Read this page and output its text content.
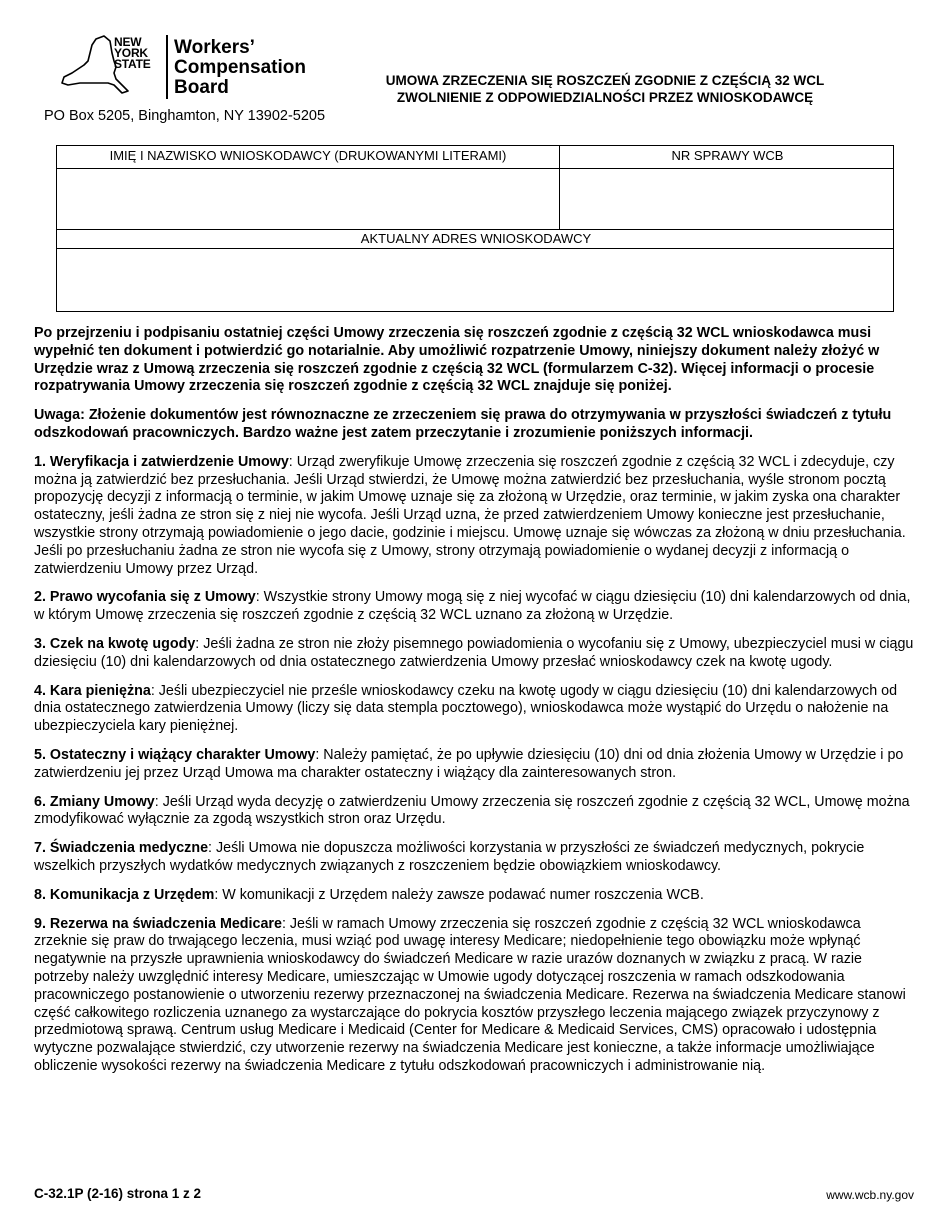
NEW
YORK
STATE
Workers’
Compensation
Board	UMOWA ZRZECZENIA SIĘ ROSZCZEŃ ZGODNIE Z CZĘŚCIĄ 32 WCL
ZWOLNIENIE Z ODPOWIEDZIALNOŚCI PRZEZ WNIOSKODAWCĘ
PO Box 5205, Binghamton, NY 13902-5205
IMIĘ I NAZWISKO WNIOSKODAWCY (DRUKOWANYMI LITERAMI)	NR SPRAWY WCB
AKTUALNY ADRES WNIOSKODAWCY

Po przejrzeniu i podpisaniu ostatniej części Umowy zrzeczenia się roszczeń zgodnie z częścią 32 WCL wnioskodawca musi wypełnić ten dokument i potwierdzić go notarialnie. Aby umożliwić rozpatrzenie Umowy, niniejszy dokument należy złożyć w Urzędzie wraz z Umową zrzeczenia się roszczeń zgodnie z częścią 32 WCL (formularzem C-32). Więcej informacji o procesie rozpatrywania Umowy zrzeczenia się roszczeń zgodnie z częścią 32 WCL znajduje się poniżej.

Uwaga: Złożenie dokumentów jest równoznaczne ze zrzeczeniem się prawa do otrzymywania w przyszłości świadczeń z tytułu odszkodowań pracowniczych. Bardzo ważne jest zatem przeczytanie i zrozumienie poniższych informacji.

1. Weryfikacja i zatwierdzenie Umowy: Urząd zweryfikuje Umowę zrzeczenia się roszczeń zgodnie z częścią 32 WCL i zdecyduje, czy można ją zatwierdzić bez przesłuchania. Jeśli Urząd stwierdzi, że Umowę można zatwierdzić bez przesłuchania, wyśle stronom pocztą propozycję decyzji z informacją o terminie, w jakim Umowę uznaje się za złożoną w Urzędzie, oraz terminie, w jakim zyska ona charakter ostateczny, jeśli żadna ze stron się z niej nie wycofa. Jeśli Urząd uzna, że przed zatwierdzeniem Umowy konieczne jest przesłuchanie, wszystkie strony otrzymają powiadomienie o jego dacie, godzinie i miejscu. Umowę uznaje się wówczas za złożoną w dniu przesłuchania. Jeśli po przesłuchaniu żadna ze stron nie wycofa się z Umowy, strony otrzymają powiadomienie o wydanej decyzji z informacją o zatwierdzeniu Umowy przez Urząd.

2. Prawo wycofania się z Umowy: Wszystkie strony Umowy mogą się z niej wycofać w ciągu dziesięciu (10) dni kalendarzowych od dnia, w którym Umowę zrzeczenia się roszczeń zgodnie z częścią 32 WCL uznano za złożoną w Urzędzie.

3. Czek na kwotę ugody: Jeśli żadna ze stron nie złoży pisemnego powiadomienia o wycofaniu się z Umowy, ubezpieczyciel musi w ciągu dziesięciu (10) dni kalendarzowych od dnia ostatecznego zatwierdzenia Umowy przesłać wnioskodawcy czek na kwotę ugody.

4. Kara pieniężna: Jeśli ubezpieczyciel nie prześle wnioskodawcy czeku na kwotę ugody w ciągu dziesięciu (10) dni kalendarzowych od dnia ostatecznego zatwierdzenia Umowy (liczy się data stempla pocztowego), wnioskodawca może wystąpić do Urzędu o nałożenie na ubezpieczyciela kary pieniężnej.

5. Ostateczny i wiążący charakter Umowy: Należy pamiętać, że po upływie dziesięciu (10) dni od dnia złożenia Umowy w Urzędzie i po zatwierdzeniu jej przez Urząd Umowa ma charakter ostateczny i wiążący dla zainteresowanych stron.

6. Zmiany Umowy: Jeśli Urząd wyda decyzję o zatwierdzeniu Umowy zrzeczenia się roszczeń zgodnie z częścią 32 WCL, Umowę można zmodyfikować wyłącznie za zgodą wszystkich stron oraz Urzędu.

7. Świadczenia medyczne: Jeśli Umowa nie dopuszcza możliwości korzystania w przyszłości ze świadczeń medycznych, pokrycie wszelkich przyszłych wydatków medycznych związanych z roszczeniem będzie obowiązkiem wnioskodawcy.

8. Komunikacja z Urzędem: W komunikacji z Urzędem należy zawsze podawać numer roszczenia WCB.

9. Rezerwa na świadczenia Medicare: Jeśli w ramach Umowy zrzeczenia się roszczeń zgodnie z częścią 32 WCL wnioskodawca zrzeknie się praw do trwającego leczenia, musi wziąć pod uwagę interesy Medicare; niedopełnienie tego obowiązku może wpłynąć negatywnie na przyszłe uprawnienia wnioskodawcy do świadczeń Medicare w razie urazów doznanych w związku z pracą. W razie potrzeby należy uwzględnić interesy Medicare, umieszczając w Umowie ugody dotyczącej roszczenia w ramach odszkodowania pracowniczego postanowienie o utworzeniu rezerwy przeznaczonej na świadczenia Medicare. Rezerwa na świadczenia Medicare stanowi część całkowitego rozliczenia uznanego za wystarczające do pokrycia kosztów przyszłego leczenia mającego związek przyczynowy z przedmiotową sprawą. Centrum usług Medicare i Medicaid (Center for Medicare & Medicaid Services, CMS) opracowało i udostępnia wytyczne pozwalające stwierdzić, czy utworzenie rezerwy na świadczenia Medicare jest konieczne, a także informacje umożliwiające obliczenie wysokości rezerwy na świadczenia Medicare z tytułu odszkodowań pracowniczych i administrowanie nią.

C-32.1P (2-16) strona 1 z 2	www.wcb.ny.gov
